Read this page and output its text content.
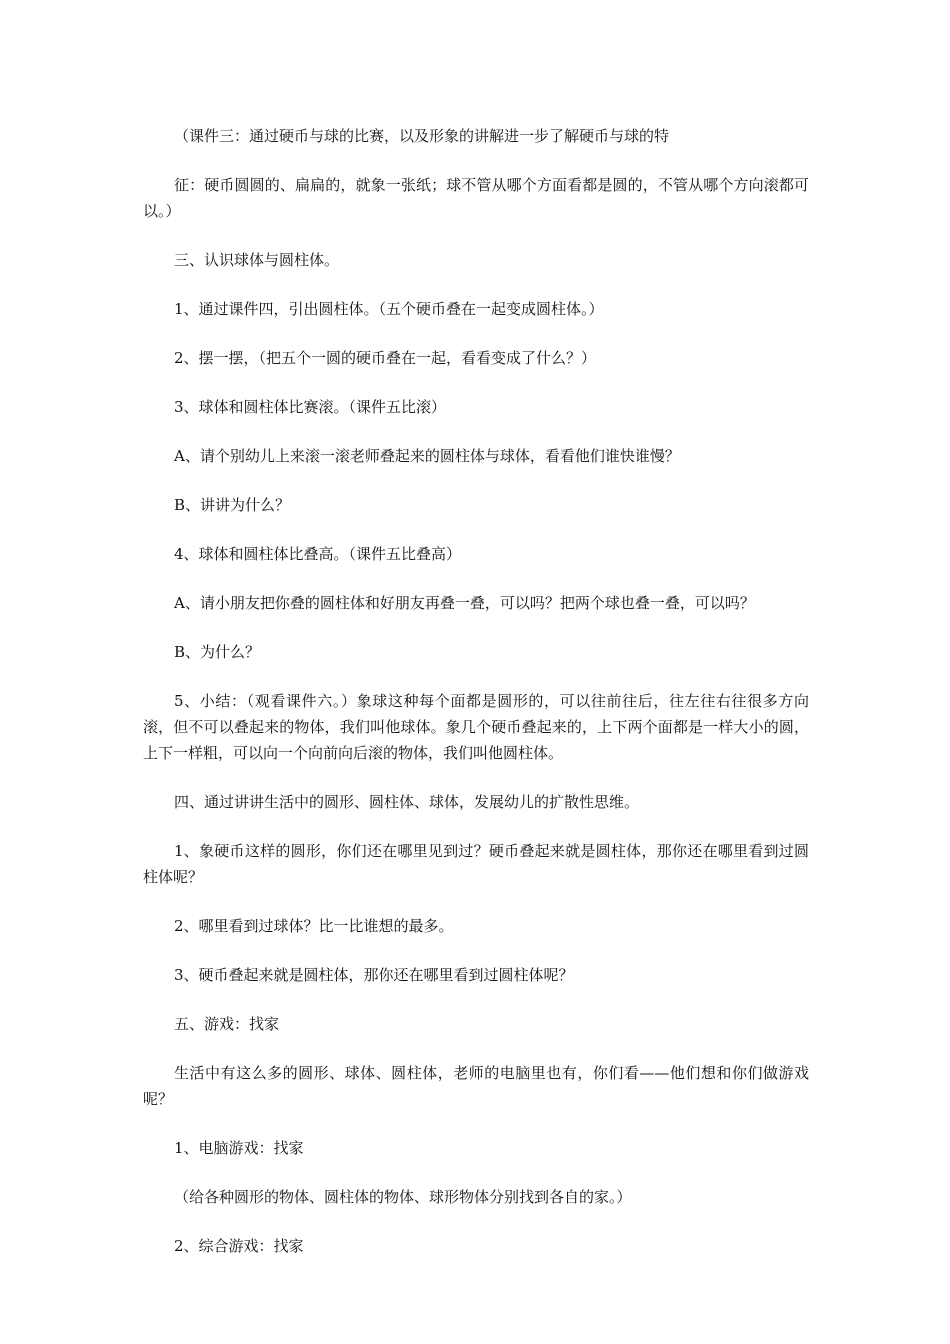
（课件三：通过硬币与球的比赛，以及形象的讲解进一步了解硬币与球的特

征：硬币圆圆的、扁扁的，就象一张纸；球不管从哪个方面看都是圆的，不管从哪个方向滚都可以。）

三、认识球体与圆柱体。

1、通过课件四，引出圆柱体。（五个硬币叠在一起变成圆柱体。）

2、摆一摆，（把五个一圆的硬币叠在一起，看看变成了什么？）

3、球体和圆柱体比赛滚。（课件五比滚）

A、请个别幼儿上来滚一滚老师叠起来的圆柱体与球体，看看他们谁快谁慢？

B、讲讲为什么？

4、球体和圆柱体比叠高。（课件五比叠高）

A、请小朋友把你叠的圆柱体和好朋友再叠一叠，可以吗？把两个球也叠一叠，可以吗？

B、为什么？

5、小结：（观看课件六。）象球这种每个面都是圆形的，可以往前往后，往左往右往很多方向滚，但不可以叠起来的物体，我们叫他球体。象几个硬币叠起来的，上下两个面都是一样大小的圆，上下一样粗，可以向一个向前向后滚的物体，我们叫他圆柱体。

四、通过讲讲生活中的圆形、圆柱体、球体，发展幼儿的扩散性思维。

1、象硬币这样的圆形，你们还在哪里见到过？硬币叠起来就是圆柱体，那你还在哪里看到过圆柱体呢？

2、哪里看到过球体？比一比谁想的最多。

3、硬币叠起来就是圆柱体，那你还在哪里看到过圆柱体呢？

五、游戏：找家

生活中有这么多的圆形、球体、圆柱体，老师的电脑里也有，你们看——他们想和你们做游戏呢？

1、电脑游戏：找家

（给各种圆形的物体、圆柱体的物体、球形物体分别找到各自的家。）

2、综合游戏：找家
